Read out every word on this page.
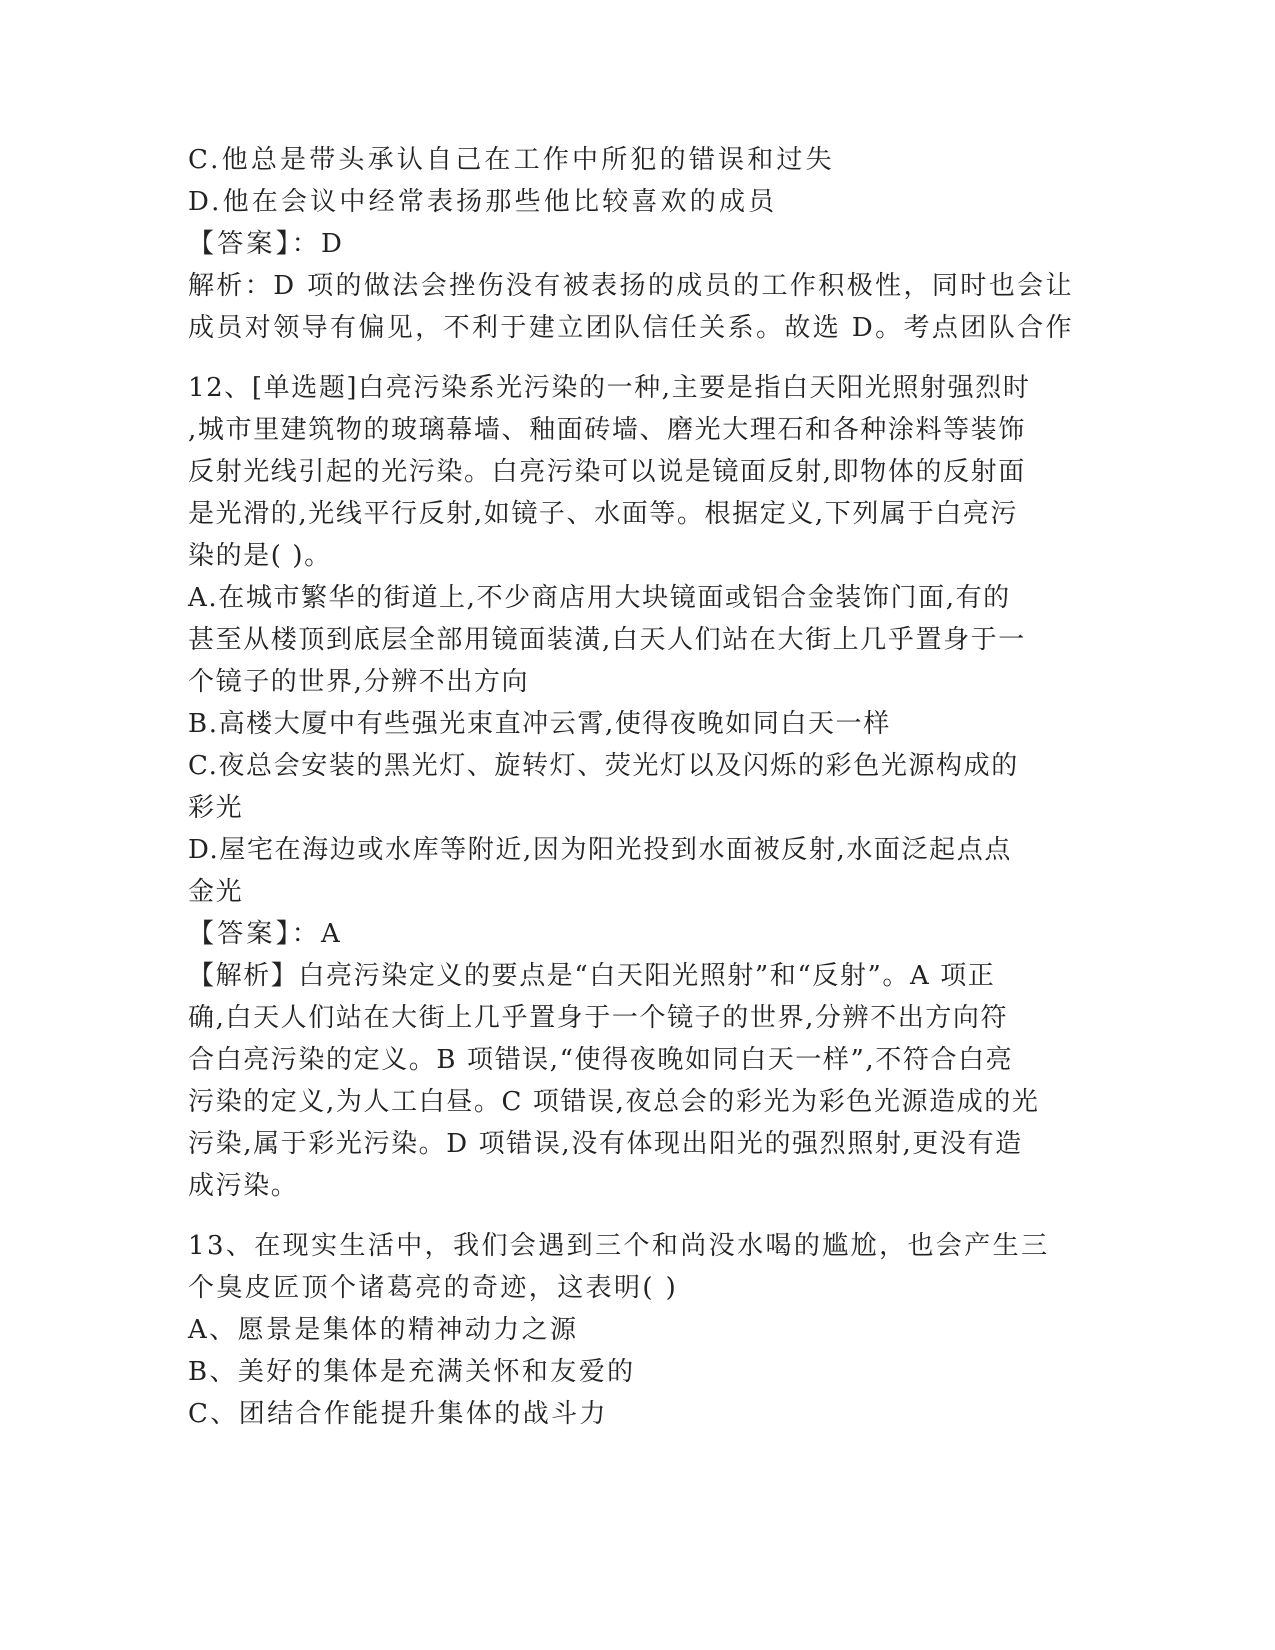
C.他总是带头承认自己在工作中所犯的错误和过失
D.他在会议中经常表扬那些他比较喜欢的成员
【答案】：D
解析：D 项的做法会挫伤没有被表扬的成员的工作积极性，同时也会让
成员对领导有偏见，不利于建立团队信任关系。故选 D。考点团队合作
12、[单选题]白亮污染系光污染的一种,主要是指白天阳光照射强烈时
,城市里建筑物的玻璃幕墙、釉面砖墙、磨光大理石和各种涂料等装饰
反射光线引起的光污染。白亮污染可以说是镜面反射,即物体的反射面
是光滑的,光线平行反射,如镜子、水面等。根据定义,下列属于白亮污
染的是( )。
A.在城市繁华的街道上,不少商店用大块镜面或铝合金装饰门面,有的
甚至从楼顶到底层全部用镜面装潢,白天人们站在大街上几乎置身于一
个镜子的世界,分辨不出方向
B.高楼大厦中有些强光束直冲云霄,使得夜晚如同白天一样
C.夜总会安装的黑光灯、旋转灯、荧光灯以及闪烁的彩色光源构成的
彩光
D.屋宅在海边或水库等附近,因为阳光投到水面被反射,水面泛起点点
金光
【答案】：A
【解析】白亮污染定义的要点是“白天阳光照射”和“反射”。A 项正
确,白天人们站在大街上几乎置身于一个镜子的世界,分辨不出方向符
合白亮污染的定义。B 项错误,“使得夜晚如同白天一样”,不符合白亮
污染的定义,为人工白昼。C 项错误,夜总会的彩光为彩色光源造成的光
污染,属于彩光污染。D 项错误,没有体现出阳光的强烈照射,更没有造
成污染。
13、在现实生活中，我们会遇到三个和尚没水喝的尴尬，也会产生三
个臭皮匠顶个诸葛亮的奇迹，这表明( )
A、愿景是集体的精神动力之源
B、美好的集体是充满关怀和友爱的
C、团结合作能提升集体的战斗力
